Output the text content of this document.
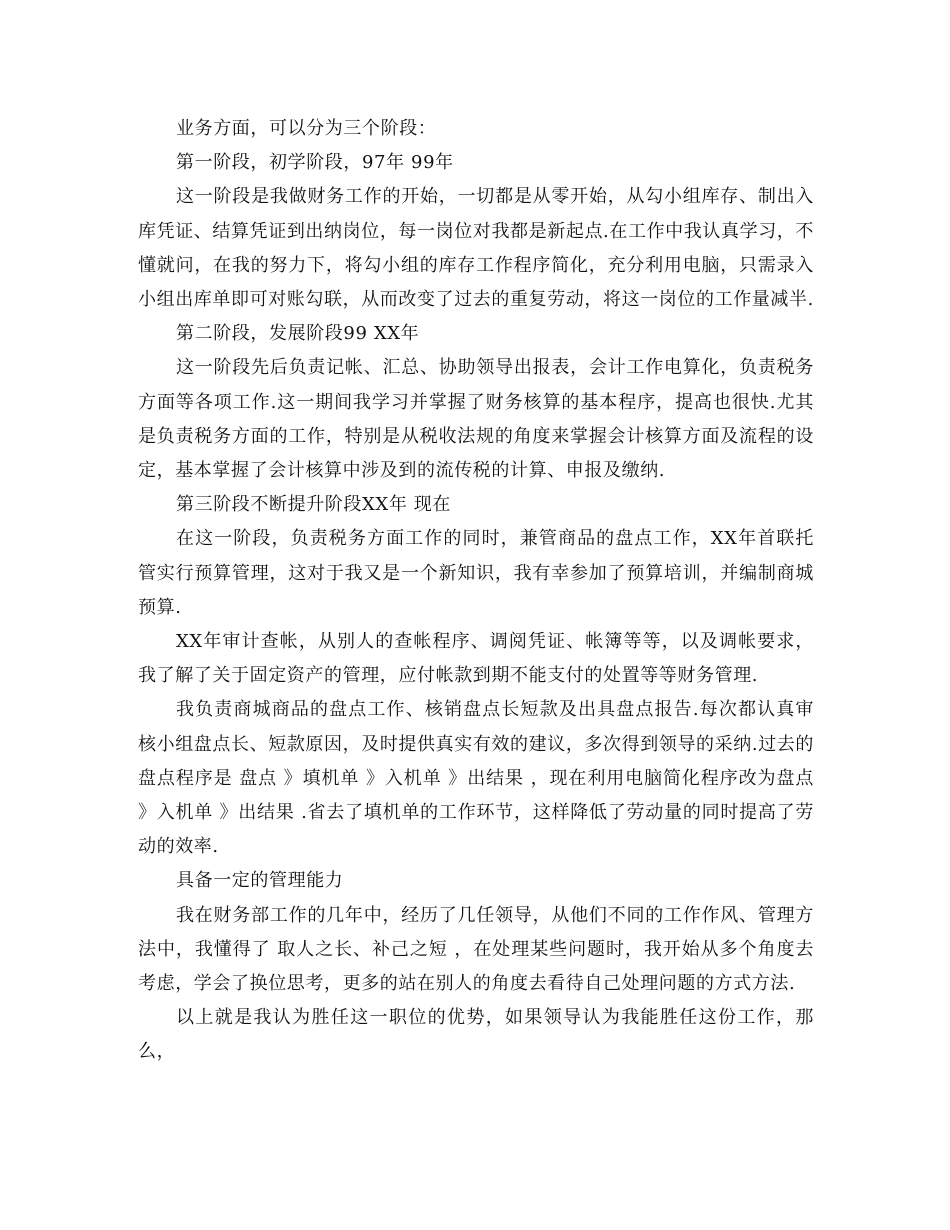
业务方面，可以分为三个阶段：

第一阶段，初学阶段，97年 99年

这一阶段是我做财务工作的开始，一切都是从零开始，从勾小组库存、制出入库凭证、结算凭证到出纳岗位，每一岗位对我都是新起点.在工作中我认真学习，不懂就问，在我的努力下，将勾小组的库存工作程序简化，充分利用电脑，只需录入小组出库单即可对账勾联，从而改变了过去的重复劳动，将这一岗位的工作量减半.

第二阶段，发展阶段99 XX年

这一阶段先后负责记帐、汇总、协助领导出报表，会计工作电算化，负责税务方面等各项工作.这一期间我学习并掌握了财务核算的基本程序，提高也很快.尤其是负责税务方面的工作，特别是从税收法规的角度来掌握会计核算方面及流程的设定，基本掌握了会计核算中涉及到的流传税的计算、申报及缴纳.

第三阶段不断提升阶段XX年 现在

在这一阶段，负责税务方面工作的同时，兼管商品的盘点工作，XX年首联托管实行预算管理，这对于我又是一个新知识，我有幸参加了预算培训，并编制商城预算.

XX年审计查帐，从别人的查帐程序、调阅凭证、帐簿等等，以及调帐要求，我了解了关于固定资产的管理，应付帐款到期不能支付的处置等等财务管理.

我负责商城商品的盘点工作、核销盘点长短款及出具盘点报告.每次都认真审核小组盘点长、短款原因，及时提供真实有效的建议，多次得到领导的采纳.过去的盘点程序是 盘点 》填机单 》入机单 》出结果 ，现在利用电脑简化程序改为盘点 》入机单 》出结果 .省去了填机单的工作环节，这样降低了劳动量的同时提高了劳动的效率.

具备一定的管理能力

我在财务部工作的几年中，经历了几任领导，从他们不同的工作作风、管理方法中，我懂得了 取人之长、补己之短 ，在处理某些问题时，我开始从多个角度去考虑，学会了换位思考，更多的站在别人的角度去看待自己处理问题的方式方法.

以上就是我认为胜任这一职位的优势，如果领导认为我能胜任这份工作，那么，
